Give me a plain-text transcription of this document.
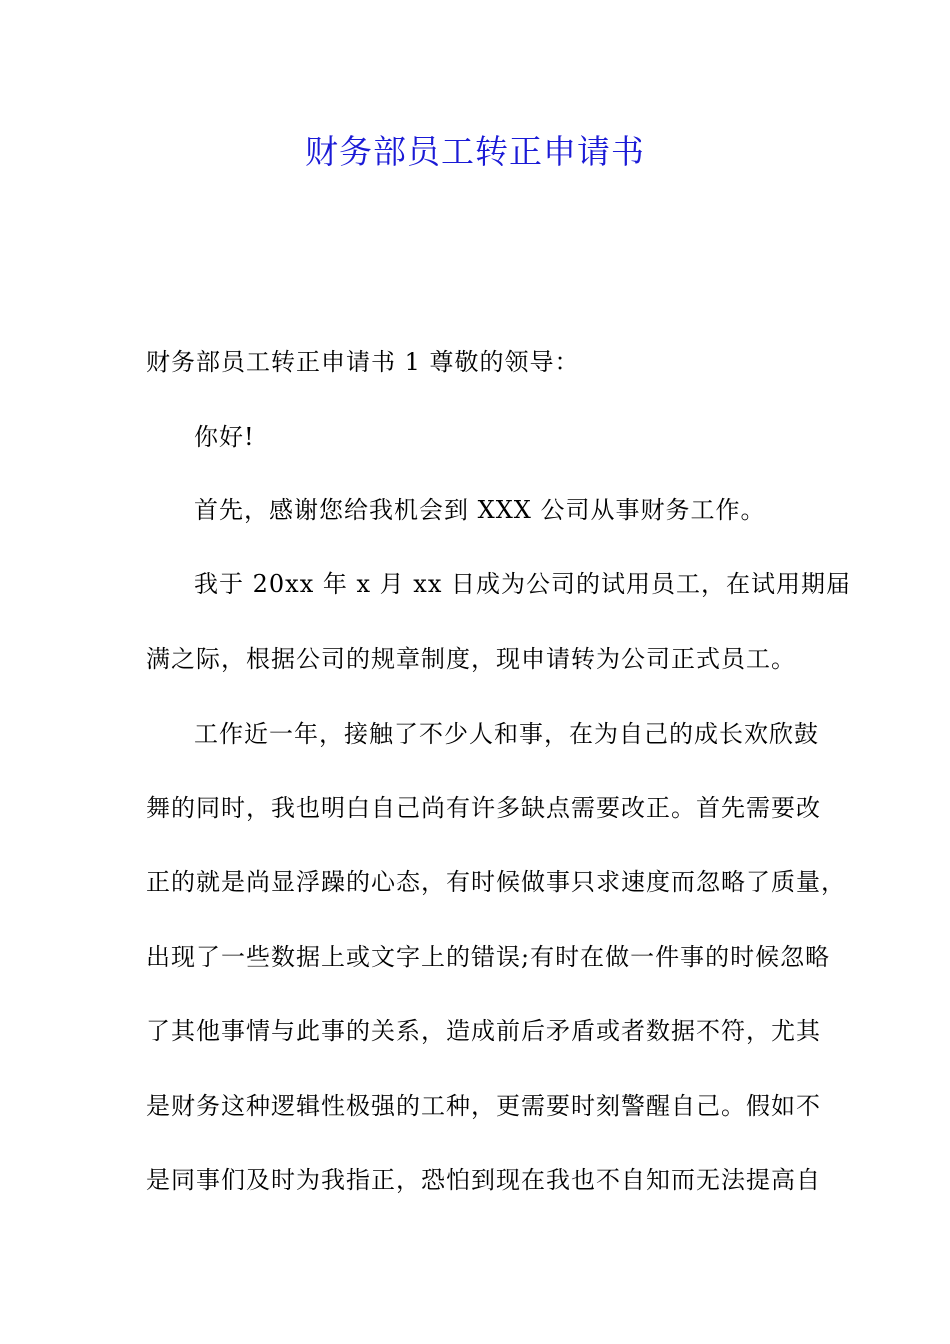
财务部员工转正申请书

财务部员工转正申请书 1 尊敬的领导：

你好!

首先，感谢您给我机会到 XXX 公司从事财务工作。

我于 20xx 年 x 月 xx 日成为公司的试用员工，在试用期届

满之际，根据公司的规章制度，现申请转为公司正式员工。

工作近一年，接触了不少人和事，在为自己的成长欢欣鼓

舞的同时，我也明白自己尚有许多缺点需要改正。首先需要改

正的就是尚显浮躁的心态，有时候做事只求速度而忽略了质量，

出现了一些数据上或文字上的错误;有时在做一件事的时候忽略

了其他事情与此事的关系，造成前后矛盾或者数据不符，尤其

是财务这种逻辑性极强的工种，更需要时刻警醒自己。假如不

是同事们及时为我指正，恐怕到现在我也不自知而无法提高自
